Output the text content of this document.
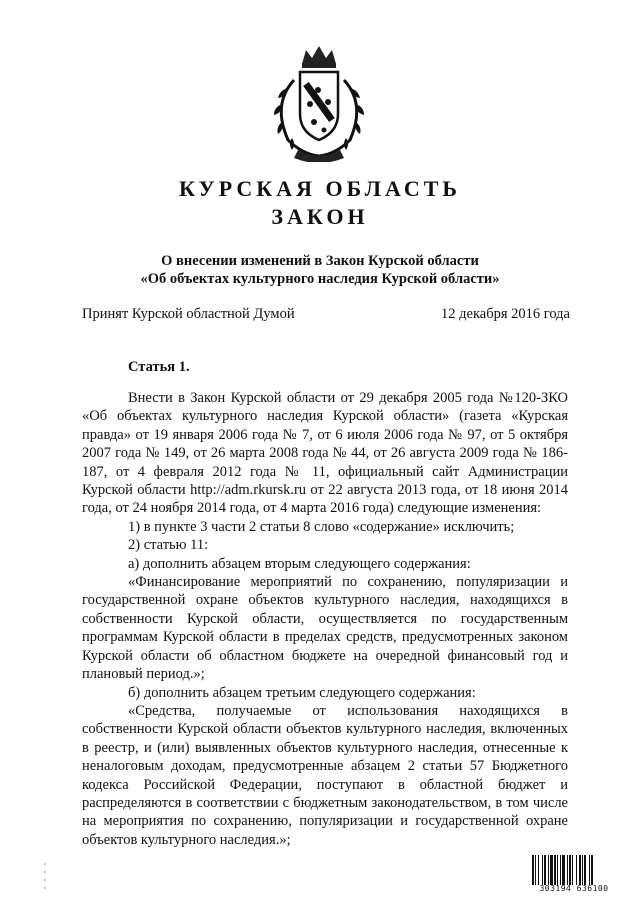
КУРСКАЯ ОБЛАСТЬ
ЗАКОН
О внесении изменений в Закон Курской области
«Об объектах культурного наследия Курской области»
Принят Курской областной Думой	12 декабря 2016 года
Статья 1.

Внести в Закон Курской области от 29 декабря 2005 года №120-ЗКО «Об объектах культурного наследия Курской области» (газета «Курская правда» от 19 января 2006 года № 7, от 6 июля 2006 года № 97, от 5 октября 2007 года № 149, от 26 марта 2008 года № 44, от 26 августа 2009 года № 186-187, от 4 февраля 2012 года № 11, официальный сайт Администрации Курской области http://adm.rkursk.ru от 22 августа 2013 года, от 18 июня 2014 года, от 24 ноября 2014 года, от 4 марта 2016 года) следующие изменения:

1) в пункте 3 части 2 статьи 8 слово «содержание» исключить;

2) статью 11:

а) дополнить абзацем вторым следующего содержания:

«Финансирование мероприятий по сохранению, популяризации и государственной охране объектов культурного наследия, находящихся в собственности Курской области, осуществляется по государственным программам Курской области в пределах средств, предусмотренных законом Курской области об областном бюджете на очередной финансовый год и плановый период.»;

б) дополнить абзацем третьим следующего содержания:

«Средства, получаемые от использования находящихся в собственности Курской области объектов культурного наследия, включенных в реестр, и (или) выявленных объектов культурного наследия, отнесенные к неналоговым доходам, предусмотренные абзацем 2 статьи 57 Бюджетного кодекса Российской Федерации, поступают в областной бюджет и распределяются в соответствии с бюджетным законодательством, в том числе на мероприятия по сохранению, популяризации и государственной охране объектов культурного наследия.»;

303194 636100
